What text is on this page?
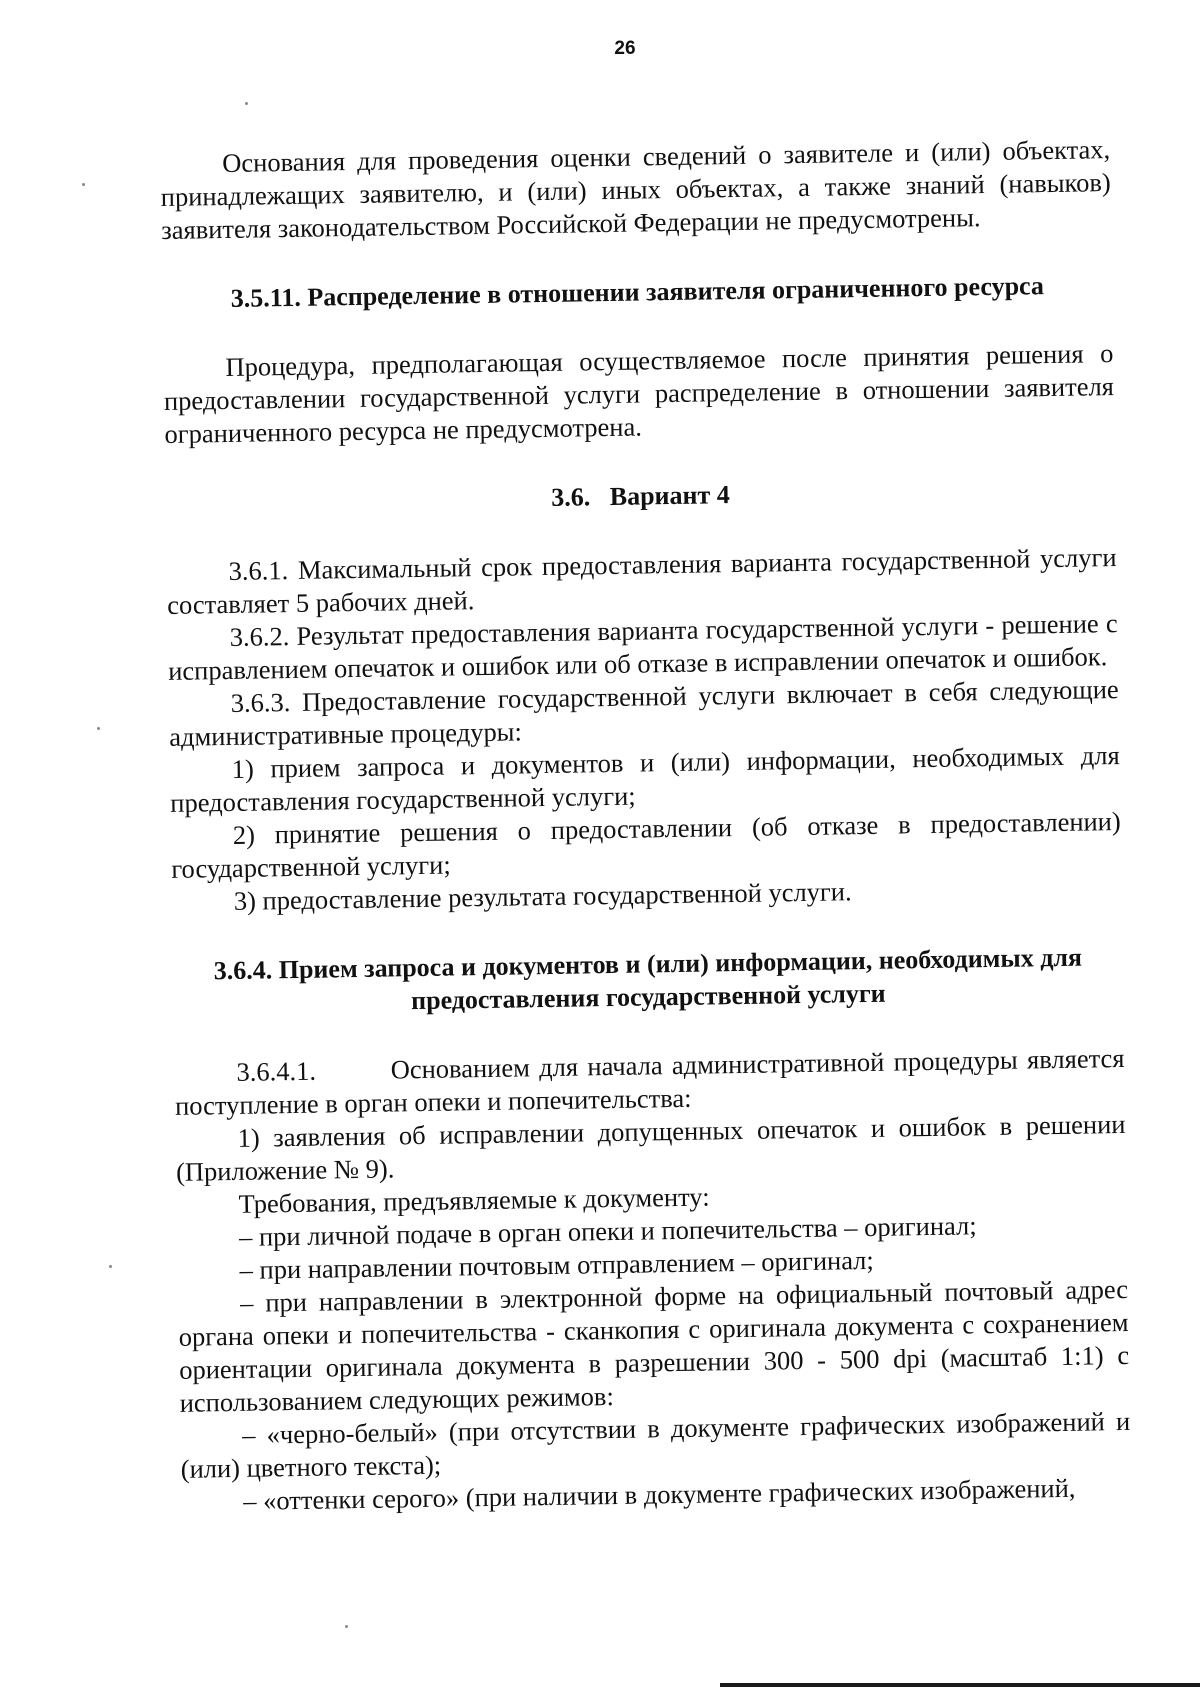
26

Основания для проведения оценки сведений о заявителе и (или) объектах, принадлежащих заявителю, и (или) иных объектах, а также знаний (навыков) заявителя законодательством Российской Федерации не предусмотрены.

3.5.11. Распределение в отношении заявителя ограниченного ресурса

Процедура, предполагающая осуществляемое после принятия решения о предоставлении государственной услуги распределение в отношении заявителя ограниченного ресурса не предусмотрена.

3.6.   Вариант 4

3.6.1. Максимальный срок предоставления варианта государственной услуги составляет 5 рабочих дней.

3.6.2. Результат предоставления варианта государственной услуги - решение с исправлением опечаток и ошибок или об отказе в исправлении опечаток и ошибок.

3.6.3. Предоставление государственной услуги включает в себя следующие административные процедуры:

1) прием запроса и документов и (или) информации, необходимых для предоставления государственной услуги;

2) принятие решения о предоставлении (об отказе в предоставлении) государственной услуги;

3) предоставление результата государственной услуги.

3.6.4. Прием запроса и документов и (или) информации, необходимых для предоставления государственной услуги

3.6.4.1.        Основанием для начала административной процедуры является поступление в орган опеки и попечительства:

1) заявления об исправлении допущенных опечаток и ошибок в решении (Приложение № 9).

Требования, предъявляемые к документу:

– при личной подаче в орган опеки и попечительства – оригинал;

– при направлении почтовым отправлением – оригинал;

– при направлении в электронной форме на официальный почтовый адрес органа опеки и попечительства - сканкопия с оригинала документа с сохранением ориентации оригинала документа в разрешении 300 - 500 dpi (масштаб 1:1) с использованием следующих режимов:

– «черно-белый» (при отсутствии в документе графических изображений и (или) цветного текста);

– «оттенки серого» (при наличии в документе графических изображений,
